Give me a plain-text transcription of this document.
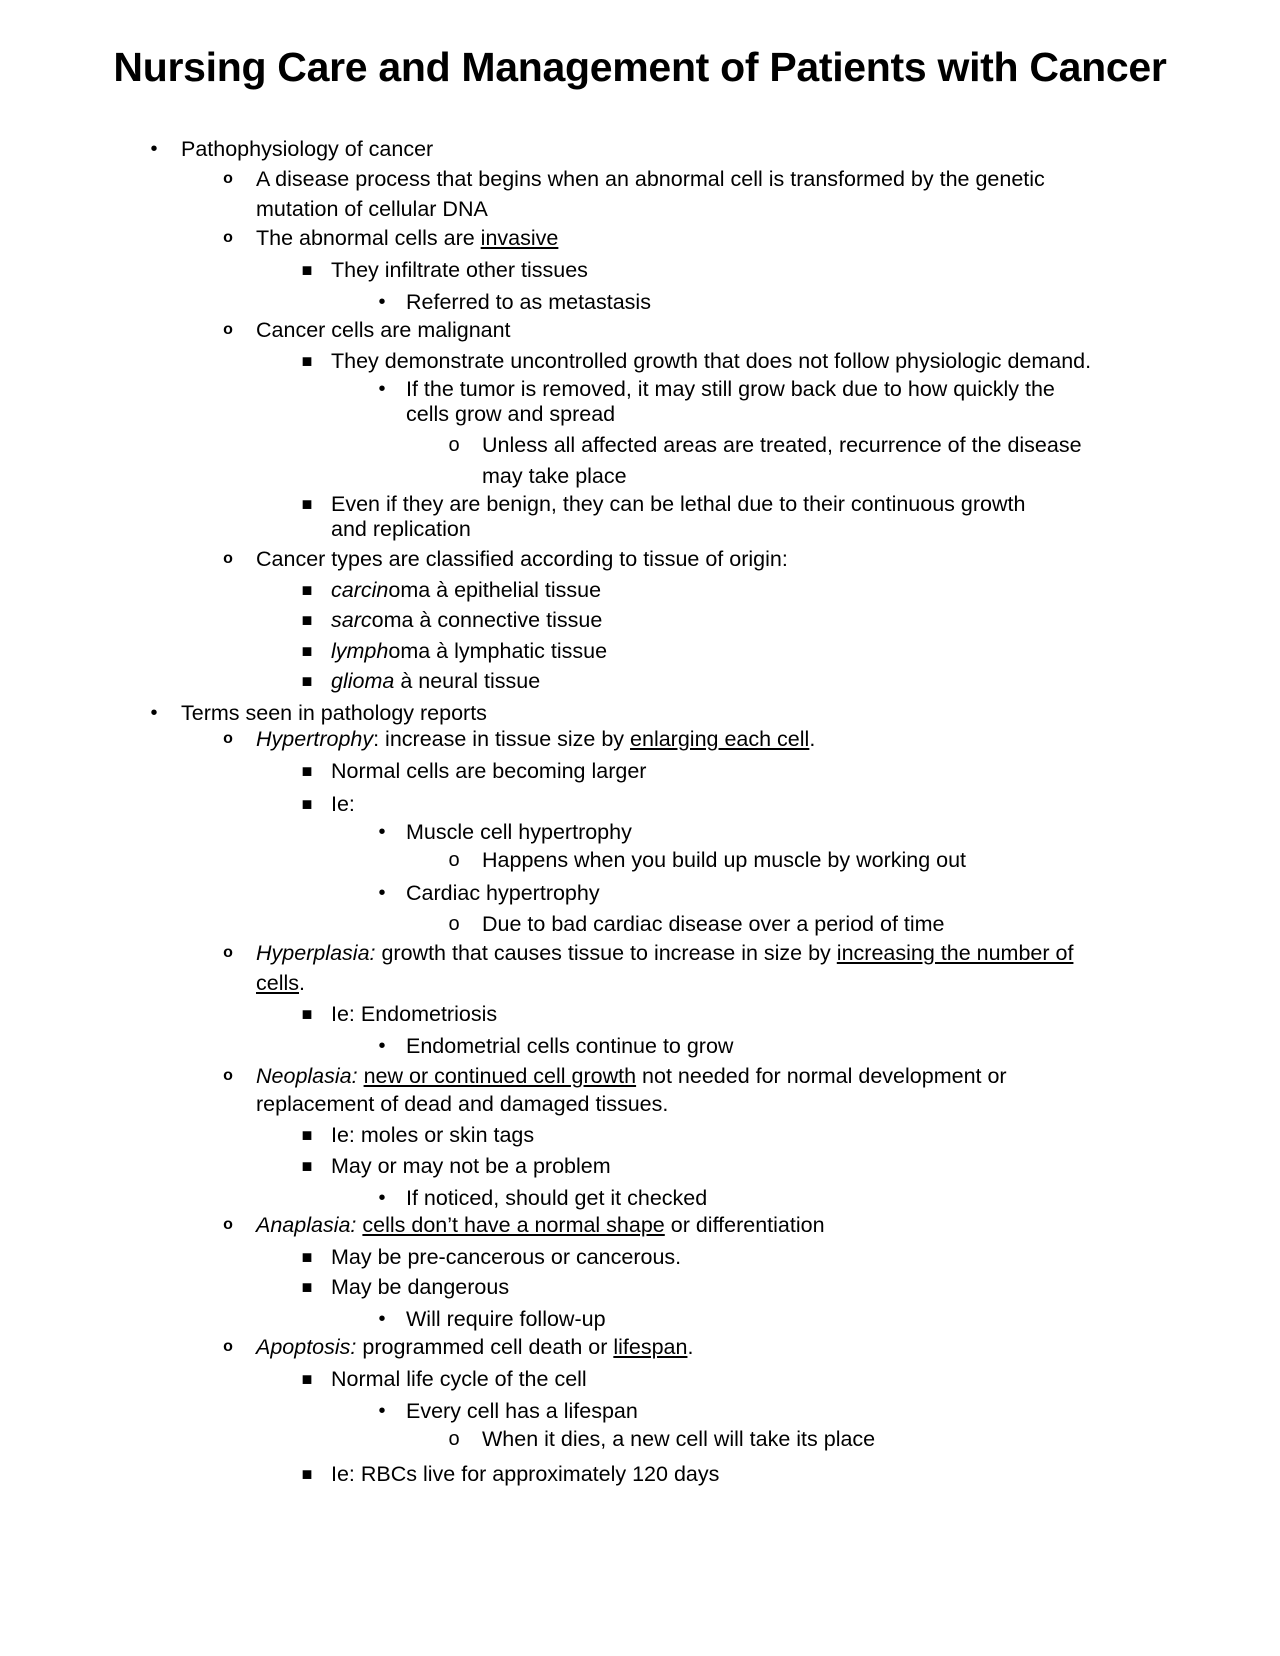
Nursing Care and Management of Patients with Cancer
•	Pathophysiology of cancer
o	A disease process that begins when an abnormal cell is transformed by the genetic
mutation of cellular DNA
o	The abnormal cells are invasive
■ They infiltrate other tissues
• Referred to as metastasis
o	Cancer cells are malignant
■ They demonstrate uncontrolled growth that does not follow physiologic demand.
• If the tumor is removed, it may still grow back due to how quickly the
cells grow and spread
o Unless all affected areas are treated, recurrence of the disease
may take place
■ Even if they are benign, they can be lethal due to their continuous growth
and replication
o	Cancer types are classified according to tissue of origin:
■ carcinoma à epithelial tissue
■ sarcoma à connective tissue
■ lymphoma à lymphatic tissue
■ glioma à neural tissue
•	Terms seen in pathology reports
o	Hypertrophy: increase in tissue size by enlarging each cell.
■ Normal cells are becoming larger
■ Ie:
• Muscle cell hypertrophy
o Happens when you build up muscle by working out
• Cardiac hypertrophy
o Due to bad cardiac disease over a period of time
o	Hyperplasia: growth that causes tissue to increase in size by increasing the number of
cells.
■ Ie: Endometriosis
• Endometrial cells continue to grow
o	Neoplasia: new or continued cell growth not needed for normal development or
replacement of dead and damaged tissues.
■ Ie: moles or skin tags
■ May or may not be a problem
• If noticed, should get it checked
o	Anaplasia: cells don’t have a normal shape or differentiation
■ May be pre-cancerous or cancerous.
■ May be dangerous
• Will require follow-up
o	Apoptosis: programmed cell death or lifespan.
■ Normal life cycle of the cell
• Every cell has a lifespan
o When it dies, a new cell will take its place
■ Ie: RBCs live for approximately 120 days
